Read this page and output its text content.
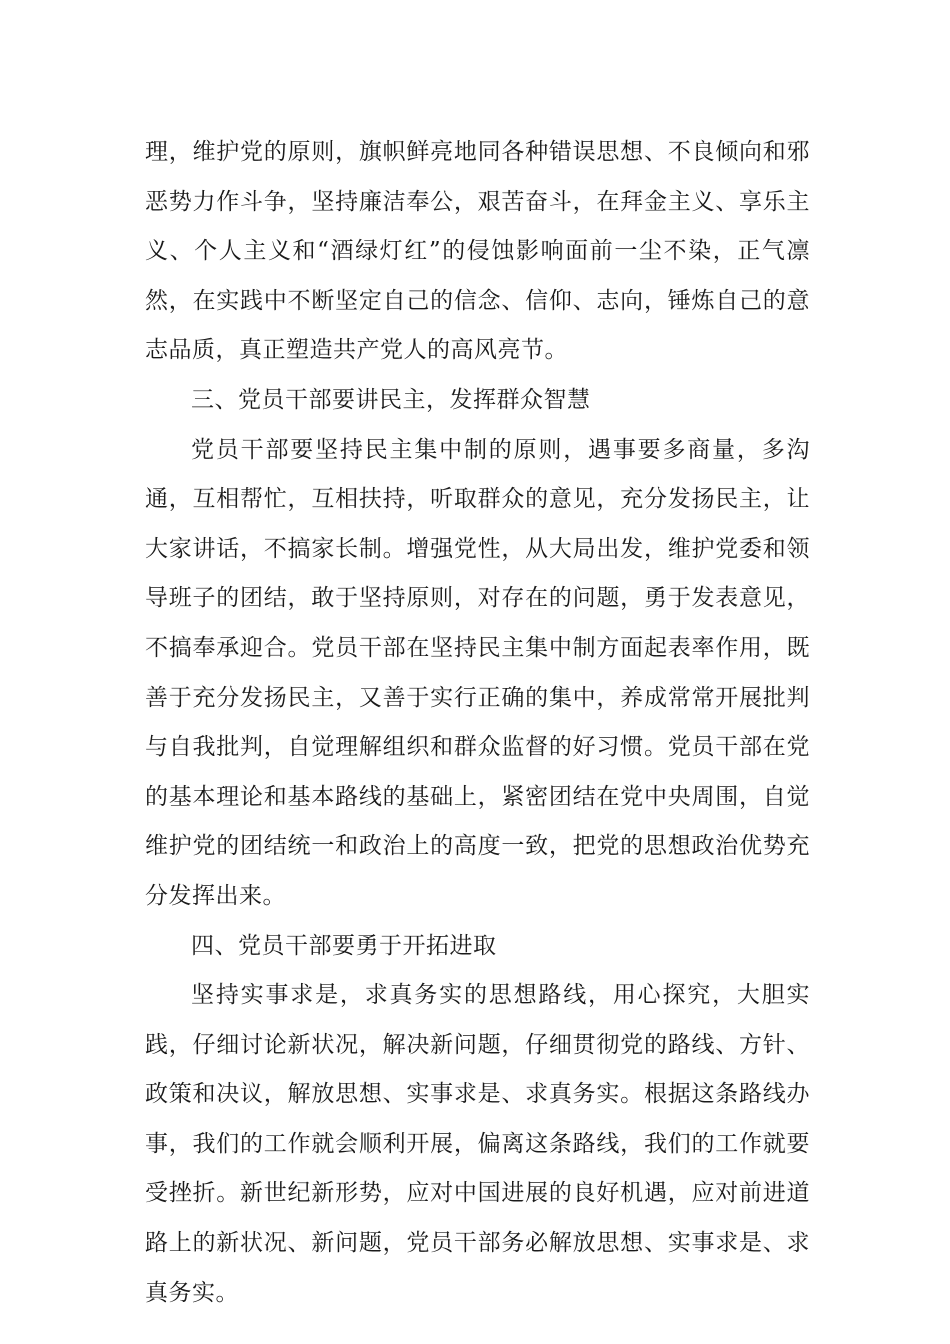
理，维护党的原则，旗帜鲜亮地同各种错误思想、不良倾向和邪恶势力作斗争，坚持廉洁奉公，艰苦奋斗，在拜金主义、享乐主义、个人主义和“酒绿灯红”的侵蚀影响面前一尘不染，正气凛然，在实践中不断坚定自己的信念、信仰、志向，锤炼自己的意志品质，真正塑造共产党人的高风亮节。

三、党员干部要讲民主，发挥群众智慧

党员干部要坚持民主集中制的原则，遇事要多商量，多沟通，互相帮忙，互相扶持，听取群众的意见，充分发扬民主，让大家讲话，不搞家长制。增强党性，从大局出发，维护党委和领导班子的团结，敢于坚持原则，对存在的问题，勇于发表意见，不搞奉承迎合。党员干部在坚持民主集中制方面起表率作用，既善于充分发扬民主，又善于实行正确的集中，养成常常开展批判与自我批判，自觉理解组织和群众监督的好习惯。党员干部在党的基本理论和基本路线的基础上，紧密团结在党中央周围，自觉维护党的团结统一和政治上的高度一致，把党的思想政治优势充分发挥出来。

四、党员干部要勇于开拓进取

坚持实事求是，求真务实的思想路线，用心探究，大胆实践，仔细讨论新状况，解决新问题，仔细贯彻党的路线、方针、政策和决议，解放思想、实事求是、求真务实。根据这条路线办事，我们的工作就会顺利开展，偏离这条路线，我们的工作就要受挫折。新世纪新形势，应对中国进展的良好机遇，应对前进道路上的新状况、新问题，党员干部务必解放思想、实事求是、求真务实。
